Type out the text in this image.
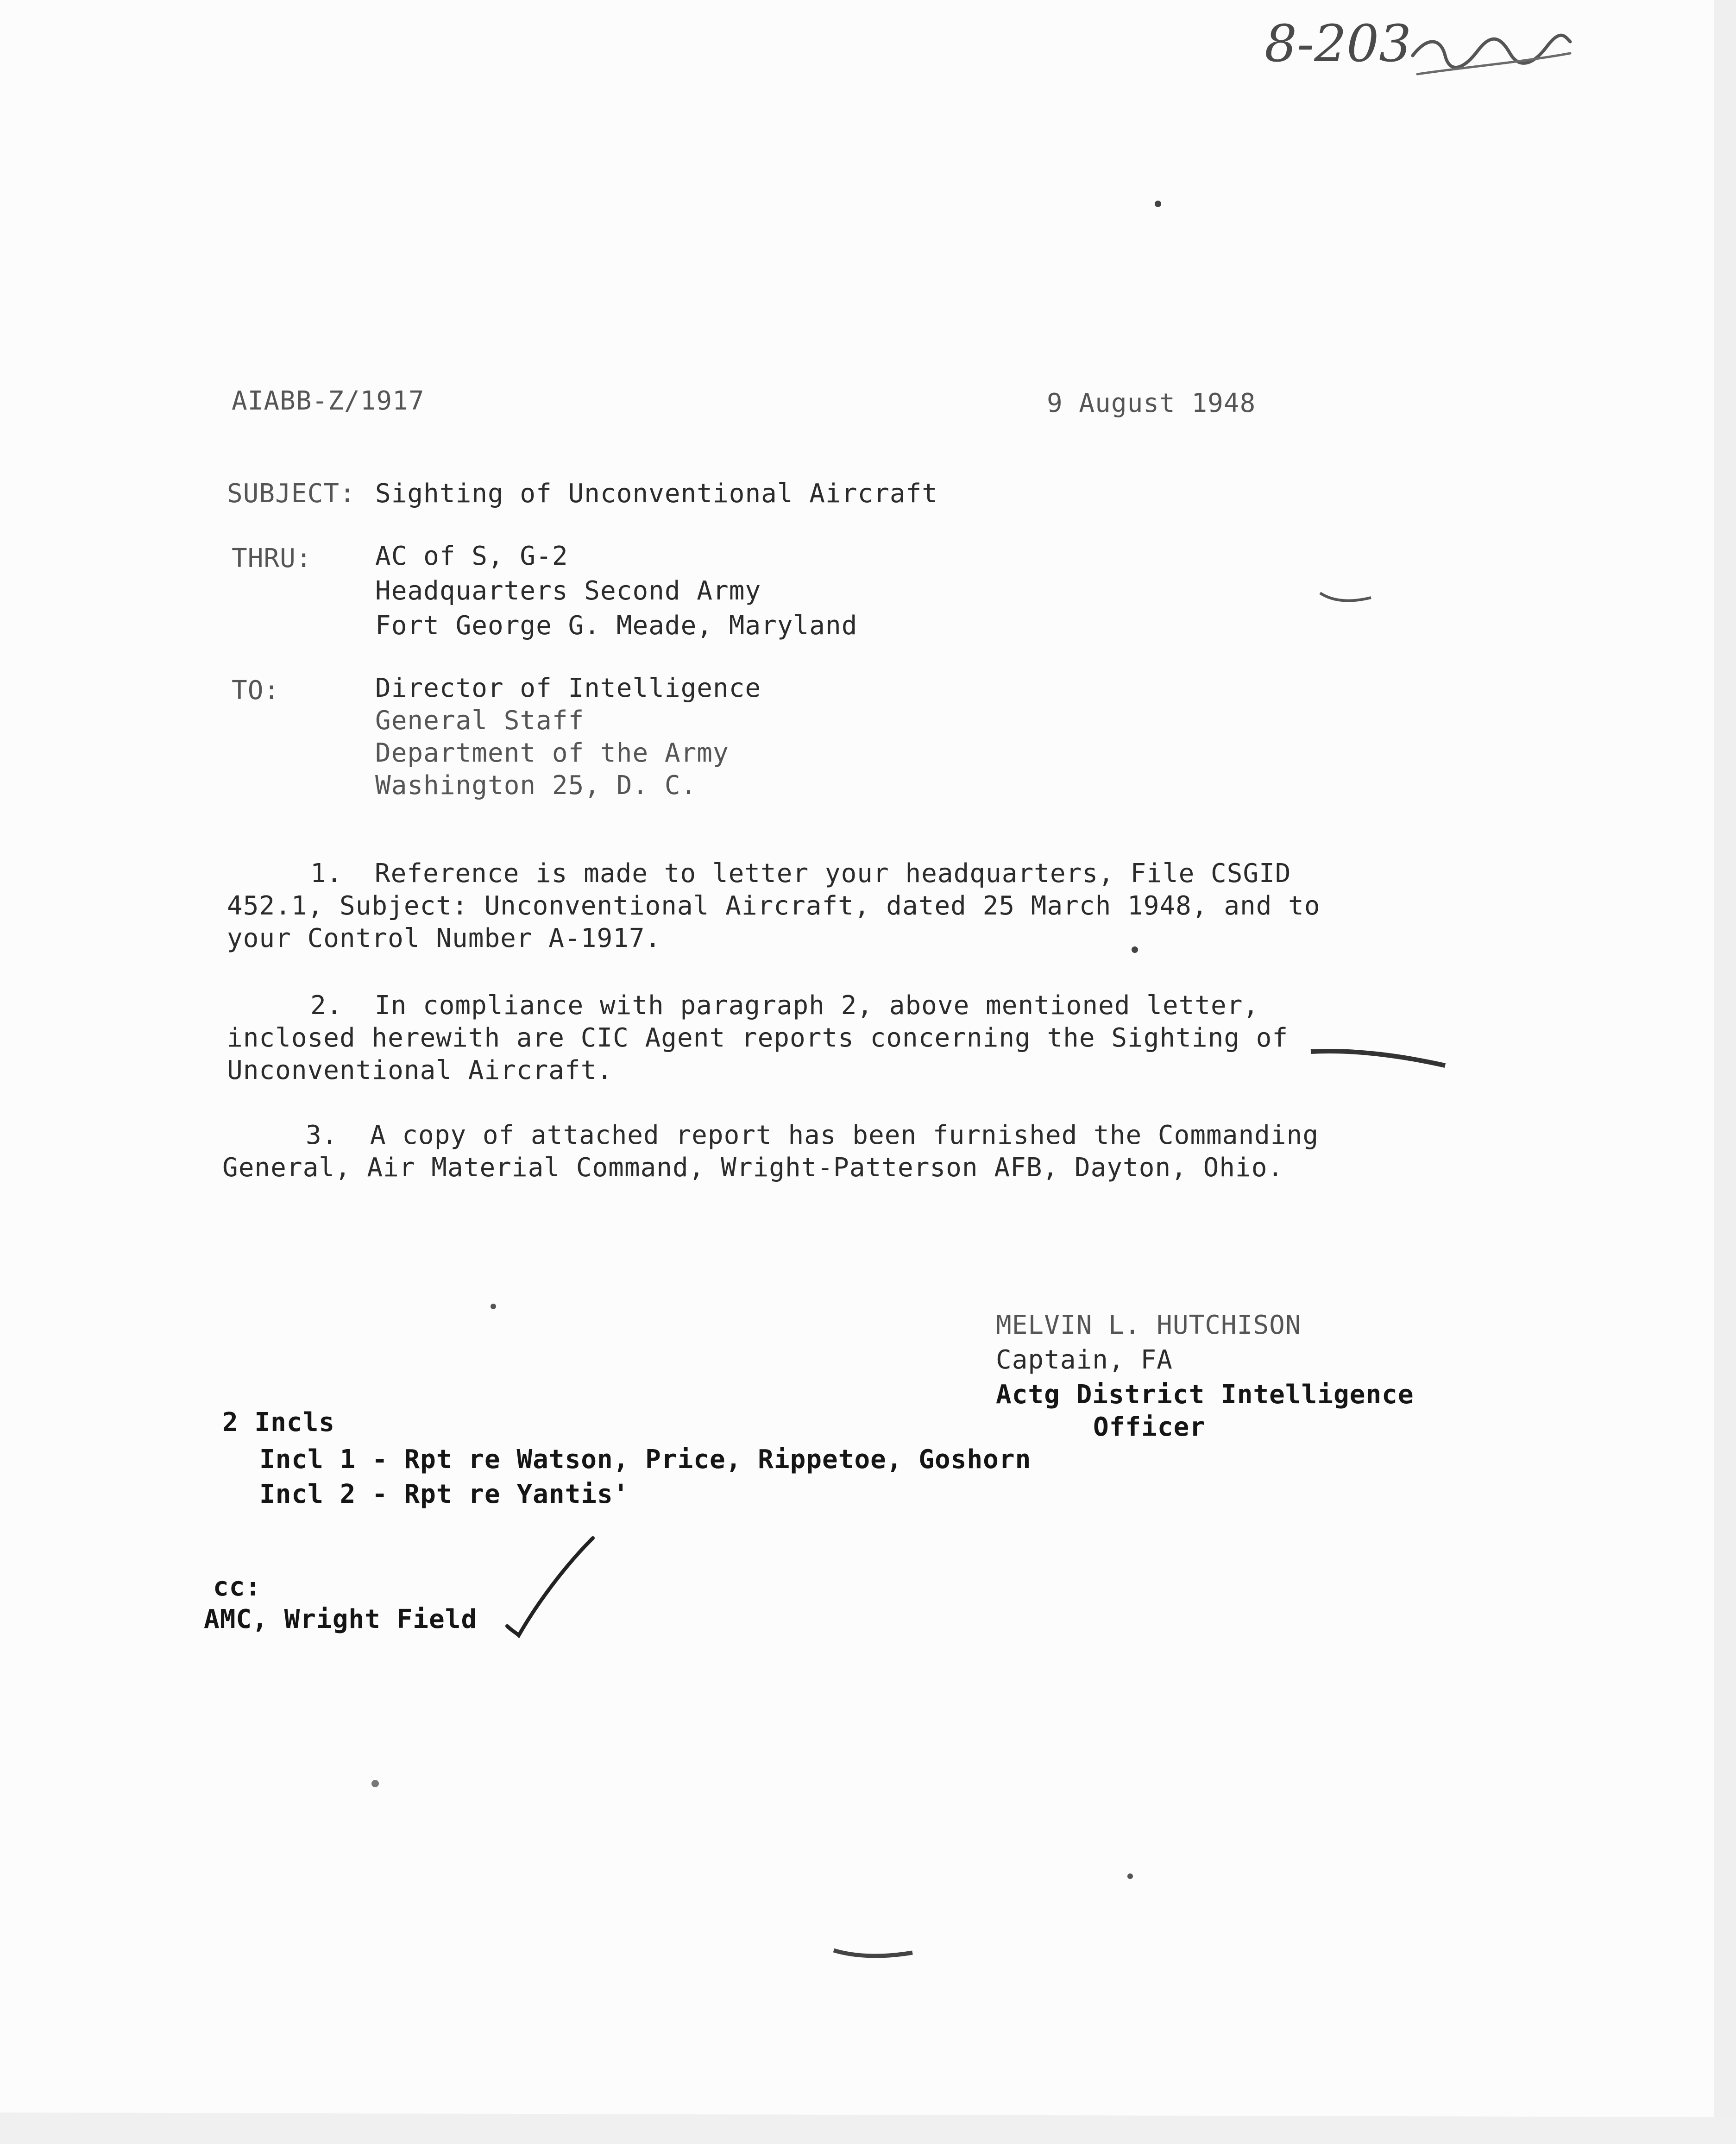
8-203
AIABB-Z/1917	9 August 1948
SUBJECT: Sighting of Unconventional Aircraft
THRU: AC of S, G-2
Headquarters Second Army
Fort George G. Meade, Maryland
TO:	Director of Intelligence
General Staff
Department of the Army
Washington 25, D. C.
1.  Reference is made to letter your headquarters, File CSGID
452.1, Subject: Unconventional Aircraft, dated 25 March 1948, and to
your Control Number A-1917.
2.  In compliance with paragraph 2, above mentioned letter,
inclosed herewith are CIC Agent reports concerning the Sighting of
Unconventional Aircraft.
3.  A copy of attached report has been furnished the Commanding
General, Air Material Command, Wright-Patterson AFB, Dayton, Ohio.
MELVIN L. HUTCHISON
Captain, FA
Actg District Intelligence
Officer
2 Incls
Incl 1 - Rpt re Watson, Price, Rippetoe, Goshorn
Incl 2 - Rpt re Yantis'
cc:
AMC, Wright Field
